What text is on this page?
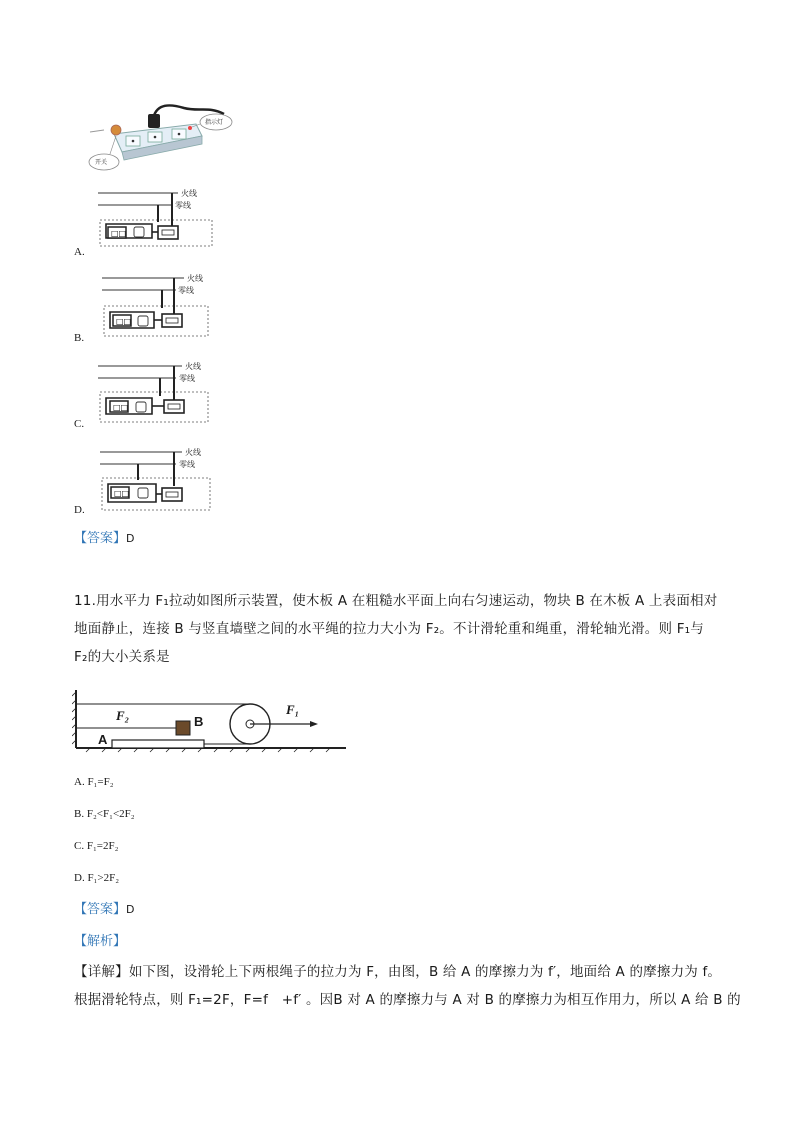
开关
指示灯
□□
火线
零线
A.
□□
火线
零线
B.
□□
火线
零线
C.
□□
火线
零线
D.
【答案】D
11.用水平力 F₁拉动如图所示装置，使木板 A 在粗糙水平面上向右匀速运动，物块 B 在木板 A 上表面相对
地面静止，连接 B 与竖直墙壁之间的水平绳的拉力大小为 F₂。不计滑轮重和绳重，滑轮轴光滑。则 F₁与
F₂的大小关系是
F₂	B
A
F₁
A. F₁=F₂
B. F₂<F₁<2F₂
C. F₁=2F₂
D. F₁>2F₂
【答案】D
【解析】
【详解】如下图，设滑轮上下两根绳子的拉力为 F，由图，B 给 A 的摩擦力为 f′，地面给 A 的摩擦力为 f。
根据滑轮特点，则 F₁=2F，F=f　+f′ 。因B 对 A 的摩擦力与 A 对 B 的摩擦力为相互作用力，所以 A 给 B 的
